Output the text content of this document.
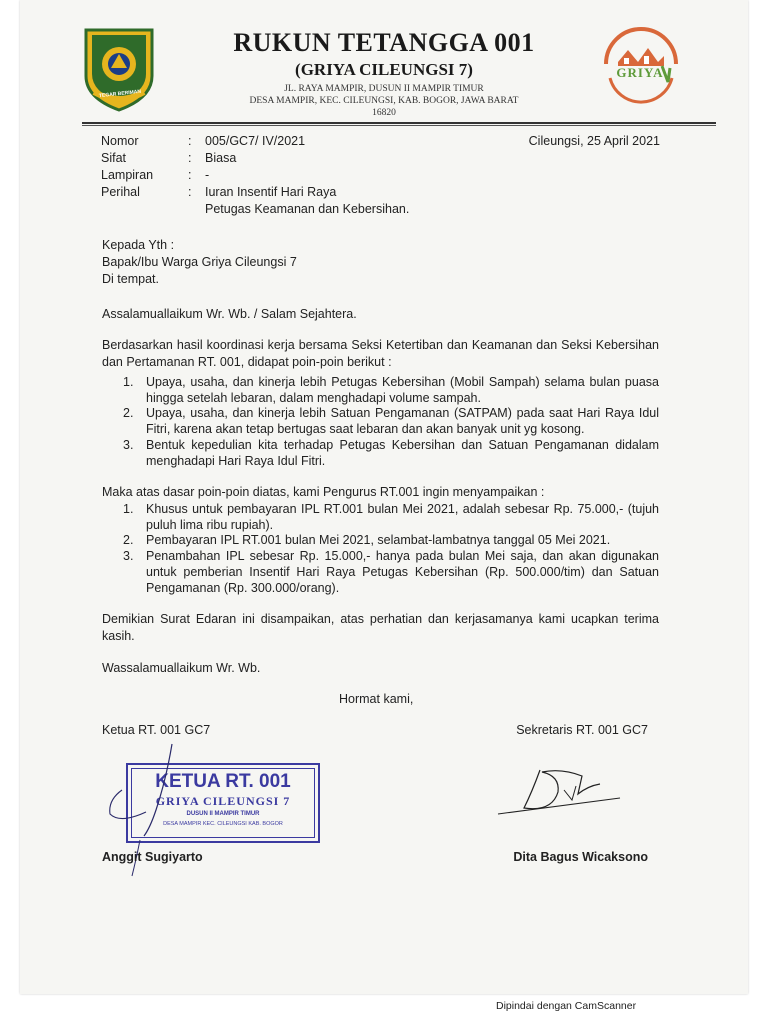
TEGAR BERIMAN
GRIYA
RUKUN TETANGGA 001
(GRIYA CILEUNGSI 7)
JL. RAYA MAMPIR, DUSUN II MAMPIR TIMUR
DESA MAMPIR, KEC. CILEUNGSI, KAB. BOGOR, JAWA BARAT
16820
Nomor	:	005/GC7/ IV/2021	Cileungsi, 25 April 2021
Sifat	:	Biasa
Lampiran	:	-
Perihal	:	Iuran Insentif Hari Raya
Petugas Keamanan dan Kebersihan.
Kepada Yth :
Bapak/Ibu Warga Griya Cileungsi 7
Di tempat.
Assalamuallaikum Wr. Wb. / Salam Sejahtera.
Berdasarkan hasil koordinasi kerja bersama Seksi Ketertiban dan Keamanan dan Seksi Kebersihan dan Pertamanan RT. 001, didapat poin-poin berikut :
1.	Upaya, usaha, dan kinerja lebih Petugas Kebersihan (Mobil Sampah) selama bulan puasa hingga setelah lebaran, dalam menghadapi volume sampah.
2.	Upaya, usaha, dan kinerja lebih Satuan Pengamanan (SATPAM) pada saat Hari Raya Idul Fitri, karena akan tetap bertugas saat lebaran dan akan banyak unit yg kosong.
3.	Bentuk kepedulian kita terhadap Petugas Kebersihan dan Satuan Pengamanan didalam menghadapi Hari Raya Idul Fitri.
Maka atas dasar poin-poin diatas, kami Pengurus RT.001 ingin menyampaikan :
1.	Khusus untuk pembayaran IPL RT.001 bulan Mei 2021, adalah sebesar Rp. 75.000,- (tujuh puluh lima ribu rupiah).
2.	Pembayaran IPL RT.001 bulan Mei 2021, selambat-lambatnya tanggal 05 Mei 2021.
3.	Penambahan IPL sebesar Rp. 15.000,- hanya pada bulan Mei saja, dan akan digunakan untuk pemberian Insentif Hari Raya Petugas Kebersihan (Rp. 500.000/tim) dan Satuan Pengamanan (Rp. 300.000/orang).
Demikian Surat Edaran ini disampaikan, atas perhatian dan kerjasamanya kami ucapkan terima kasih.
Wassalamuallaikum Wr. Wb.
Hormat kami,
Ketua RT. 001 GC7	Sekretaris RT. 001 GC7
KETUA RT. 001
GRIYA CILEUNGSI 7
DUSUN II MAMPIR TIMUR
DESA MAMPIR KEC. CILEUNGSI KAB. BOGOR
Anggit Sugiyarto	Dita Bagus Wicaksono
Dipindai dengan CamScanner
